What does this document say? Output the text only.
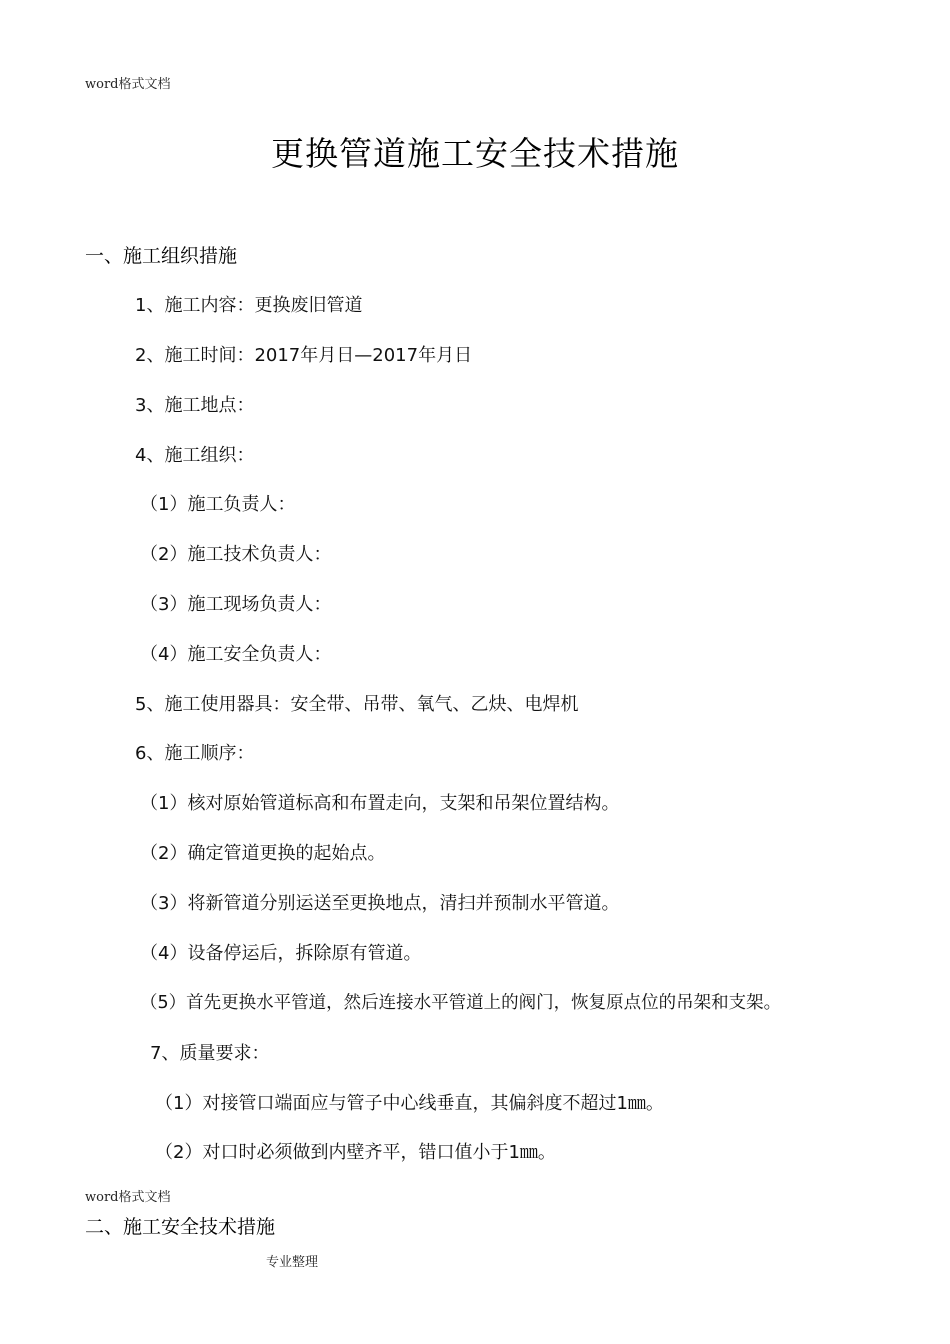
word格式文档
更换管道施工安全技术措施
一、施工组织措施
1、施工内容：更换废旧管道
2、施工时间：2017年月日—2017年月日
3、施工地点：
4、施工组织：
（1）施工负责人：
（2）施工技术负责人：
（3）施工现场负责人：
（4）施工安全负责人：
5、施工使用器具：安全带、吊带、氧气、乙炔、电焊机
6、施工顺序：
（1）核对原始管道标高和布置走向，支架和吊架位置结构。
（2）确定管道更换的起始点。
（3）将新管道分别运送至更换地点，清扫并预制水平管道。
（4）设备停运后，拆除原有管道。
（5）首先更换水平管道，然后连接水平管道上的阀门，恢复原点位的吊架和支架。
7、质量要求：
（1）对接管口端面应与管子中心线垂直，其偏斜度不超过1㎜。
（2）对口时必须做到内壁齐平，错口值小于1㎜。
word格式文档
二、施工安全技术措施
专业整理
